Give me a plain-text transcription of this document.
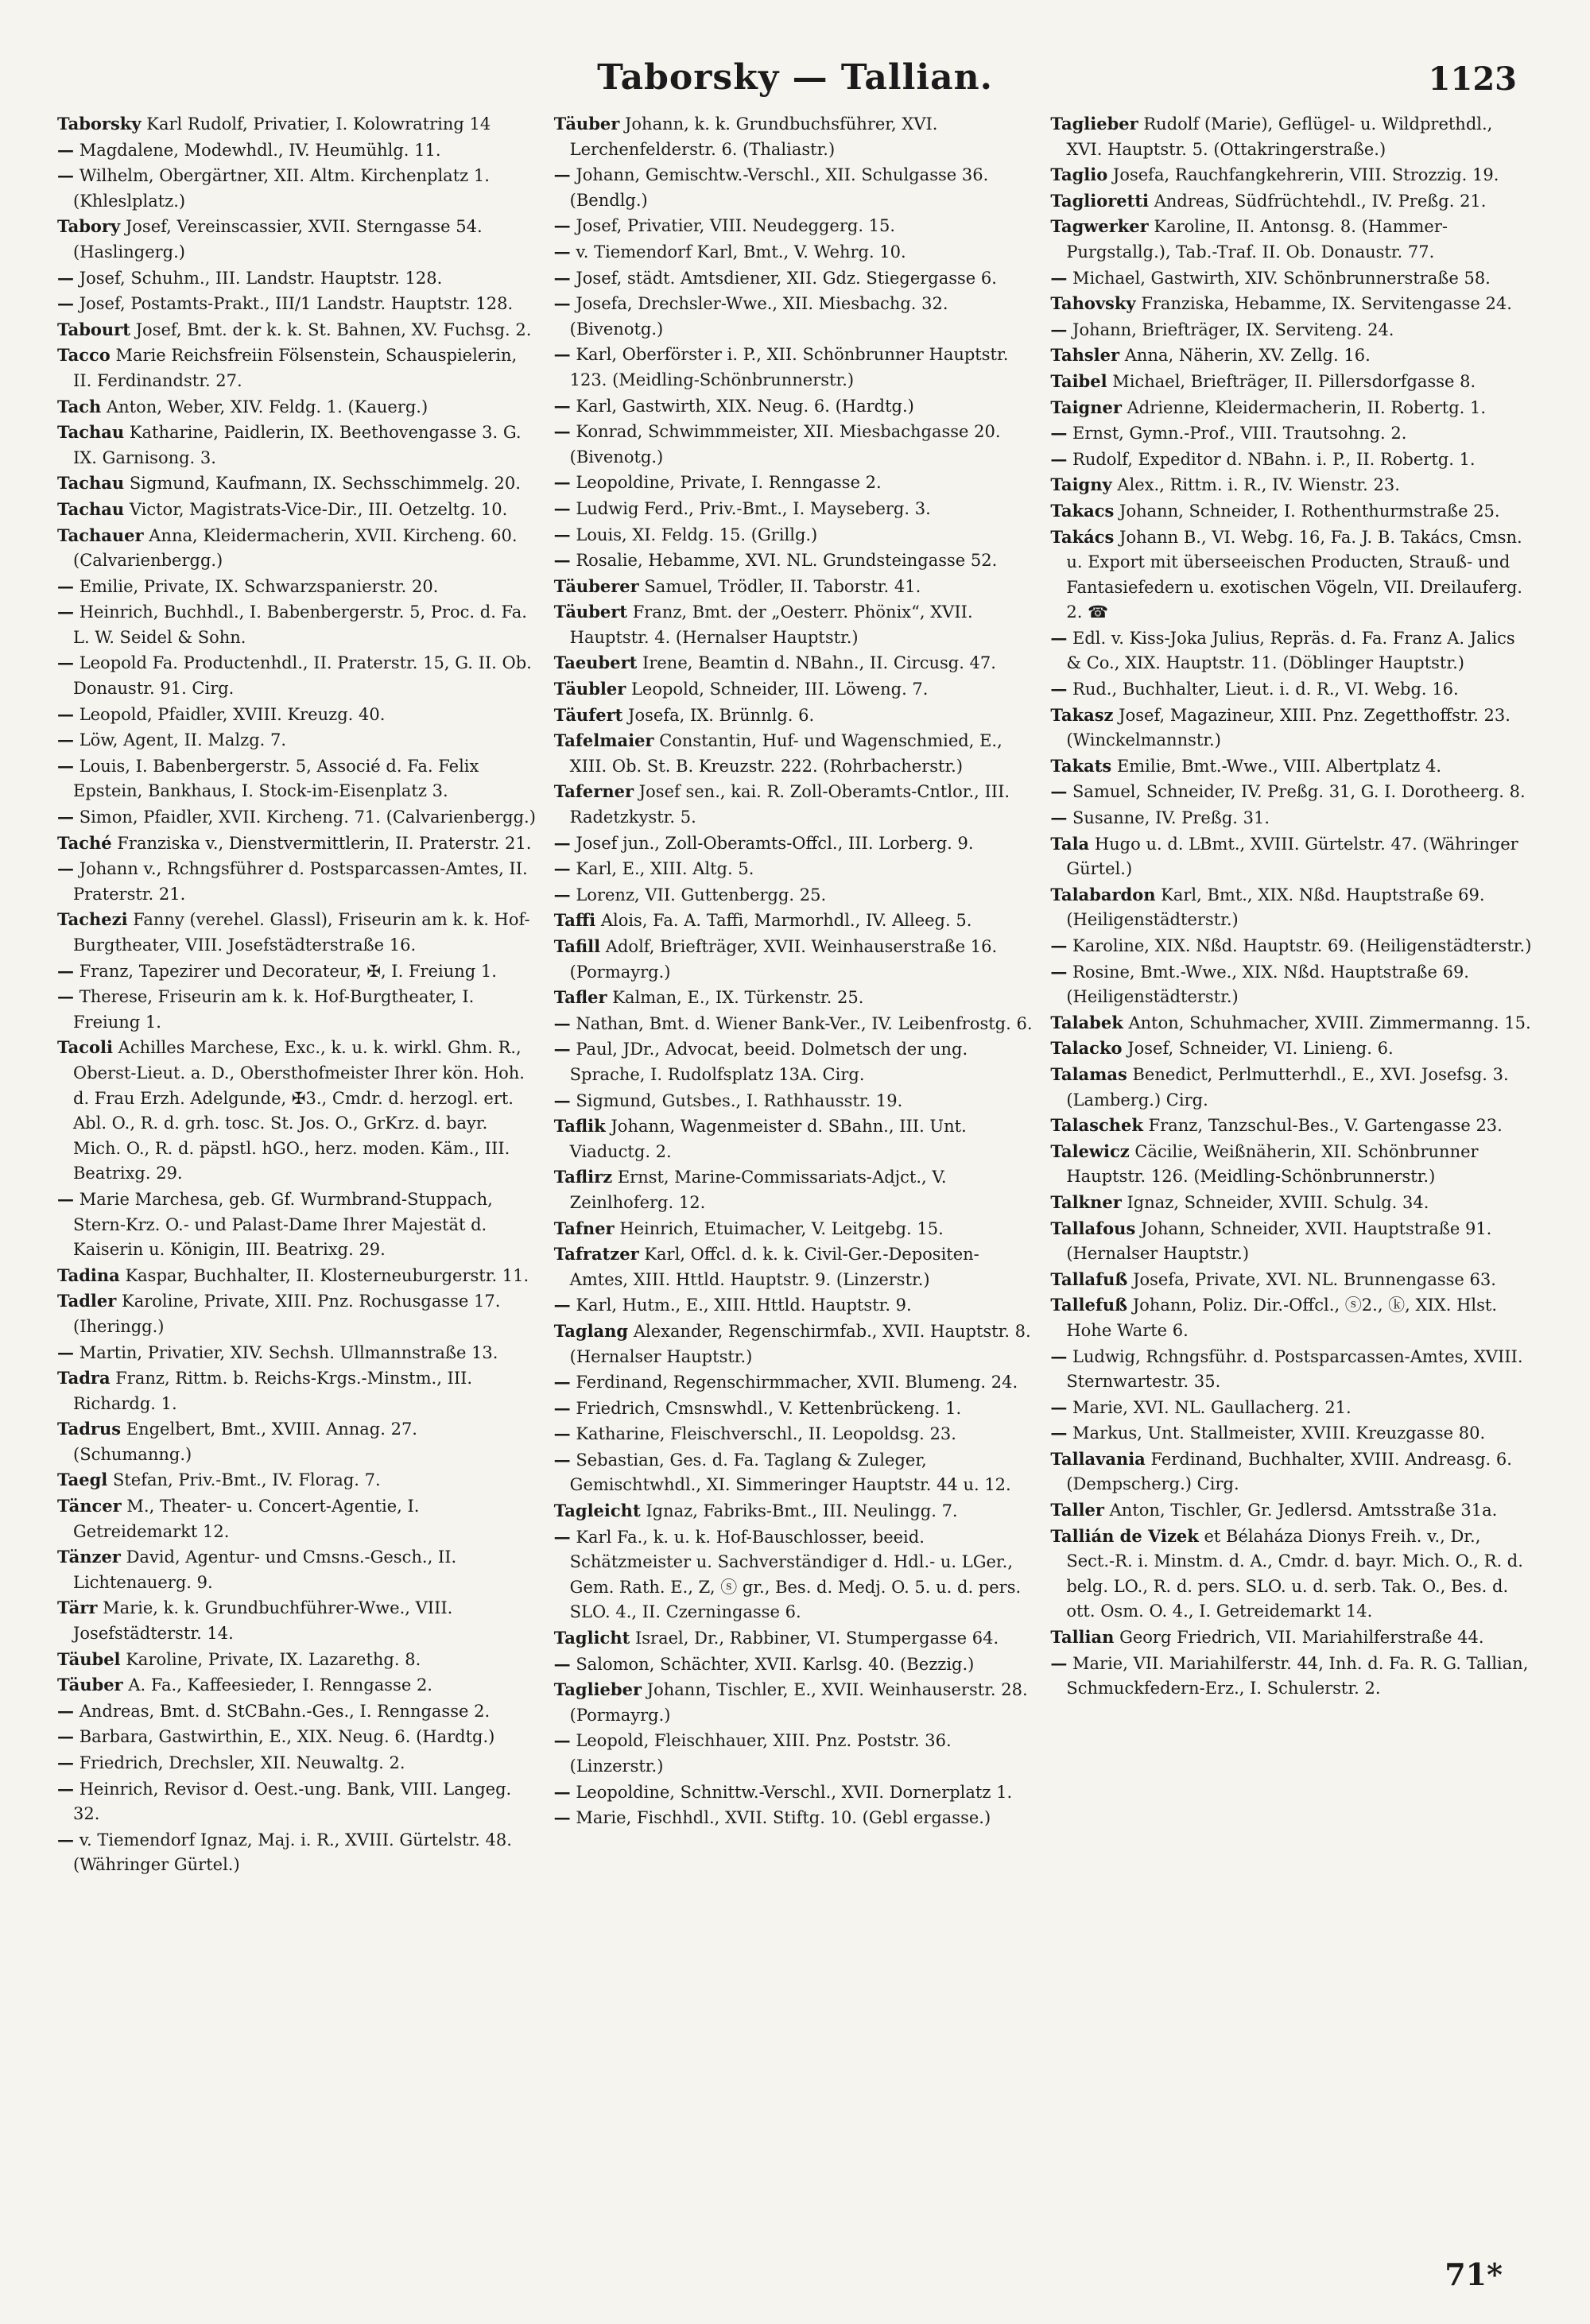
Taborsky — Tallian.	1123

Taborsky Karl Rudolf, Privatier, I. Kolowratring 14

— Magdalene, Modewhdl., IV. Heumühlg. 11.

— Wilhelm, Obergärtner, XII. Altm. Kirchenplatz 1. (Khleslplatz.)

Tabory Josef, Vereinscassier, XVII. Sterngasse 54. (Haslingerg.)

— Josef, Schuhm., III. Landstr. Hauptstr. 128.

— Josef, Postamts-Prakt., III/1 Landstr. Hauptstr. 128.

Tabourt Josef, Bmt. der k. k. St. Bahnen, XV. Fuchsg. 2.

Tacco Marie Reichsfreiin Fölsenstein, Schauspielerin, II. Ferdinandstr. 27.

Tach Anton, Weber, XIV. Feldg. 1. (Kauerg.)

Tachau Katharine, Paidlerin, IX. Beethovengasse 3. G. IX. Garnisong. 3.

Tachau Sigmund, Kaufmann, IX. Sechsschimmelg. 20.

Tachau Victor, Magistrats-Vice-Dir., III. Oetzeltg. 10.

Tachauer Anna, Kleidermacherin, XVII. Kircheng. 60. (Calvarienbergg.)

— Emilie, Private, IX. Schwarzspanierstr. 20.

— Heinrich, Buchhdl., I. Babenbergerstr. 5, Proc. d. Fa. L. W. Seidel & Sohn.

— Leopold Fa. Productenhdl., II. Praterstr. 15, G. II. Ob. Donaustr. 91. Cirg.

— Leopold, Pfaidler, XVIII. Kreuzg. 40.

— Löw, Agent, II. Malzg. 7.

— Louis, I. Babenbergerstr. 5, Associé d. Fa. Felix Epstein, Bankhaus, I. Stock-im-Eisenplatz 3.

— Simon, Pfaidler, XVII. Kircheng. 71. (Calvarienbergg.)

Taché Franziska v., Dienstvermittlerin, II. Praterstr. 21.

— Johann v., Rchngsführer d. Postsparcassen-Amtes, II. Praterstr. 21.

Tachezi Fanny (verehel. Glassl), Friseurin am k. k. Hof-Burgtheater, VIII. Josefstädterstraße 16.

— Franz, Tapezirer und Decorateur, ✠, I. Freiung 1.

— Therese, Friseurin am k. k. Hof-Burgtheater, I. Freiung 1.

Tacoli Achilles Marchese, Exc., k. u. k. wirkl. Ghm. R., Oberst-Lieut. a. D., Obersthofmeister Ihrer kön. Hoh. d. Frau Erzh. Adelgunde, ✠3., Cmdr. d. herzogl. ert. Abl. O., R. d. grh. tosc. St. Jos. O., GrKrz. d. bayr. Mich. O., R. d. päpstl. hGO., herz. moden. Käm., III. Beatrixg. 29.

— Marie Marchesa, geb. Gf. Wurmbrand-Stuppach, Stern-Krz. O.- und Palast-Dame Ihrer Majestät d. Kaiserin u. Königin, III. Beatrixg. 29.

Tadina Kaspar, Buchhalter, II. Klosterneuburgerstr. 11.

Tadler Karoline, Private, XIII. Pnz. Rochusgasse 17. (Iheringg.)

— Martin, Privatier, XIV. Sechsh. Ullmannstraße 13.

Tadra Franz, Rittm. b. Reichs-Krgs.-Minstm., III. Richardg. 1.

Tadrus Engelbert, Bmt., XVIII. Annag. 27. (Schumanng.)

Taegl Stefan, Priv.-Bmt., IV. Florag. 7.

Täncer M., Theater- u. Concert-Agentie, I. Getreidemarkt 12.

Tänzer David, Agentur- und Cmsns.-Gesch., II. Lichtenauerg. 9.

Tärr Marie, k. k. Grundbuchführer-Wwe., VIII. Josefstädterstr. 14.

Täubel Karoline, Private, IX. Lazarethg. 8.

Täuber A. Fa., Kaffeesieder, I. Renngasse 2.

— Andreas, Bmt. d. StCBahn.-Ges., I. Renngasse 2.

— Barbara, Gastwirthin, E., XIX. Neug. 6. (Hardtg.)

— Friedrich, Drechsler, XII. Neuwaltg. 2.

— Heinrich, Revisor d. Oest.-ung. Bank, VIII. Langeg. 32.

— v. Tiemendorf Ignaz, Maj. i. R., XVIII. Gürtelstr. 48. (Währinger Gürtel.)

Täuber Johann, k. k. Grundbuchsführer, XVI. Lerchenfelderstr. 6. (Thaliastr.)

— Johann, Gemischtw.-Verschl., XII. Schulgasse 36. (Bendlg.)

— Josef, Privatier, VIII. Neudeggerg. 15.

— v. Tiemendorf Karl, Bmt., V. Wehrg. 10.

— Josef, städt. Amtsdiener, XII. Gdz. Stiegergasse 6.

— Josefa, Drechsler-Wwe., XII. Miesbachg. 32. (Bivenotg.)

— Karl, Oberförster i. P., XII. Schönbrunner Hauptstr. 123. (Meidling-Schönbrunnerstr.)

— Karl, Gastwirth, XIX. Neug. 6. (Hardtg.)

— Konrad, Schwimmmeister, XII. Miesbachgasse 20. (Bivenotg.)

— Leopoldine, Private, I. Renngasse 2.

— Ludwig Ferd., Priv.-Bmt., I. Mayseberg. 3.

— Louis, XI. Feldg. 15. (Grillg.)

— Rosalie, Hebamme, XVI. NL. Grundsteingasse 52.

Täuberer Samuel, Trödler, II. Taborstr. 41.

Täubert Franz, Bmt. der „Oesterr. Phönix“, XVII. Hauptstr. 4. (Hernalser Hauptstr.)

Taeubert Irene, Beamtin d. NBahn., II. Circusg. 47.

Täubler Leopold, Schneider, III. Löweng. 7.

Täufert Josefa, IX. Brünnlg. 6.

Tafelmaier Constantin, Huf- und Wagenschmied, E., XIII. Ob. St. B. Kreuzstr. 222. (Rohrbacherstr.)

Taferner Josef sen., kai. R. Zoll-Oberamts-Cntlor., III. Radetzkystr. 5.

— Josef jun., Zoll-Oberamts-Offcl., III. Lorberg. 9.

— Karl, E., XIII. Altg. 5.

— Lorenz, VII. Guttenbergg. 25.

Taffi Alois, Fa. A. Taffi, Marmorhdl., IV. Alleeg. 5.

Tafill Adolf, Briefträger, XVII. Weinhauserstraße 16. (Pormayrg.)

Tafler Kalman, E., IX. Türkenstr. 25.

— Nathan, Bmt. d. Wiener Bank-Ver., IV. Leibenfrostg. 6.

— Paul, JDr., Advocat, beeid. Dolmetsch der ung. Sprache, I. Rudolfsplatz 13A. Cirg.

— Sigmund, Gutsbes., I. Rathhausstr. 19.

Taflik Johann, Wagenmeister d. SBahn., III. Unt. Viaductg. 2.

Taflirz Ernst, Marine-Commissariats-Adjct., V. Zeinlhoferg. 12.

Tafner Heinrich, Etuimacher, V. Leitgebg. 15.

Tafratzer Karl, Offcl. d. k. k. Civil-Ger.-Depositen-Amtes, XIII. Httld. Hauptstr. 9. (Linzerstr.)

— Karl, Hutm., E., XIII. Httld. Hauptstr. 9.

Taglang Alexander, Regenschirmfab., XVII. Hauptstr. 8. (Hernalser Hauptstr.)

— Ferdinand, Regenschirmmacher, XVII. Blumeng. 24.

— Friedrich, Cmsnswhdl., V. Kettenbrückeng. 1.

— Katharine, Fleischverschl., II. Leopoldsg. 23.

— Sebastian, Ges. d. Fa. Taglang & Zuleger, Gemischtwhdl., XI. Simmeringer Hauptstr. 44 u. 12.

Tagleicht Ignaz, Fabriks-Bmt., III. Neulingg. 7.

— Karl Fa., k. u. k. Hof-Bauschlosser, beeid. Schätzmeister u. Sachverständiger d. Hdl.- u. LGer., Gem. Rath. E., Z, ⓢ gr., Bes. d. Medj. O. 5. u. d. pers. SLO. 4., II. Czerningasse 6.

Taglicht Israel, Dr., Rabbiner, VI. Stumpergasse 64.

— Salomon, Schächter, XVII. Karlsg. 40. (Bezzig.)

Taglieber Johann, Tischler, E., XVII. Weinhauserstr. 28. (Pormayrg.)

— Leopold, Fleischhauer, XIII. Pnz. Poststr. 36. (Linzerstr.)

— Leopoldine, Schnittw.-Verschl., XVII. Dornerplatz 1.

— Marie, Fischhdl., XVII. Stiftg. 10. (Gebl ergasse.)

Taglieber Rudolf (Marie), Geflügel- u. Wildprethdl., XVI. Hauptstr. 5. (Ottakringerstraße.)

Taglio Josefa, Rauchfangkehrerin, VIII. Strozzig. 19.

Taglioretti Andreas, Südfrüchtehdl., IV. Preßg. 21.

Tagwerker Karoline, II. Antonsg. 8. (Hammer-Purgstallg.), Tab.-Traf. II. Ob. Donaustr. 77.

— Michael, Gastwirth, XIV. Schönbrunnerstraße 58.

Tahovsky Franziska, Hebamme, IX. Servitengasse 24.

— Johann, Briefträger, IX. Serviteng. 24.

Tahsler Anna, Näherin, XV. Zellg. 16.

Taibel Michael, Briefträger, II. Pillersdorfgasse 8.

Taigner Adrienne, Kleidermacherin, II. Robertg. 1.

— Ernst, Gymn.-Prof., VIII. Trautsohng. 2.

— Rudolf, Expeditor d. NBahn. i. P., II. Robertg. 1.

Taigny Alex., Rittm. i. R., IV. Wienstr. 23.

Takacs Johann, Schneider, I. Rothenthurmstraße 25.

Takács Johann B., VI. Webg. 16, Fa. J. B. Takács, Cmsn. u. Export mit überseeischen Producten, Strauß- und Fantasiefedern u. exotischen Vögeln, VII. Dreilauferg. 2. ☎

— Edl. v. Kiss-Joka Julius, Repräs. d. Fa. Franz A. Jalics & Co., XIX. Hauptstr. 11. (Döblinger Hauptstr.)

— Rud., Buchhalter, Lieut. i. d. R., VI. Webg. 16.

Takasz Josef, Magazineur, XIII. Pnz. Zegetthoffstr. 23. (Winckelmannstr.)

Takats Emilie, Bmt.-Wwe., VIII. Albertplatz 4.

— Samuel, Schneider, IV. Preßg. 31, G. I. Dorotheerg. 8.

— Susanne, IV. Preßg. 31.

Tala Hugo u. d. LBmt., XVIII. Gürtelstr. 47. (Währinger Gürtel.)

Talabardon Karl, Bmt., XIX. Nßd. Hauptstraße 69. (Heiligenstädterstr.)

— Karoline, XIX. Nßd. Hauptstr. 69. (Heiligenstädterstr.)

— Rosine, Bmt.-Wwe., XIX. Nßd. Hauptstraße 69. (Heiligenstädterstr.)

Talabek Anton, Schuhmacher, XVIII. Zimmermanng. 15.

Talacko Josef, Schneider, VI. Linieng. 6.

Talamas Benedict, Perlmutterhdl., E., XVI. Josefsg. 3. (Lamberg.) Cirg.

Talaschek Franz, Tanzschul-Bes., V. Gartengasse 23.

Talewicz Cäcilie, Weißnäherin, XII. Schönbrunner Hauptstr. 126. (Meidling-Schönbrunnerstr.)

Talkner Ignaz, Schneider, XVIII. Schulg. 34.

Tallafous Johann, Schneider, XVII. Hauptstraße 91. (Hernalser Hauptstr.)

Tallafuß Josefa, Private, XVI. NL. Brunnengasse 63.

Tallefuß Johann, Poliz. Dir.-Offcl., ⓢ2., ⓚ, XIX. Hlst. Hohe Warte 6.

— Ludwig, Rchngsführ. d. Postsparcassen-Amtes, XVIII. Sternwartestr. 35.

— Marie, XVI. NL. Gaullacherg. 21.

— Markus, Unt. Stallmeister, XVIII. Kreuzgasse 80.

Tallavania Ferdinand, Buchhalter, XVIII. Andreasg. 6. (Dempscherg.) Cirg.

Taller Anton, Tischler, Gr. Jedlersd. Amtsstraße 31a.

Tallián de Vizek et Bélaháza Dionys Freih. v., Dr., Sect.-R. i. Minstm. d. A., Cmdr. d. bayr. Mich. O., R. d. belg. LO., R. d. pers. SLO. u. d. serb. Tak. O., Bes. d. ott. Osm. O. 4., I. Getreidemarkt 14.

Tallian Georg Friedrich, VII. Mariahilferstraße 44.

— Marie, VII. Mariahilferstr. 44, Inh. d. Fa. R. G. Tallian, Schmuckfedern-Erz., I. Schulerstr. 2.

71*
